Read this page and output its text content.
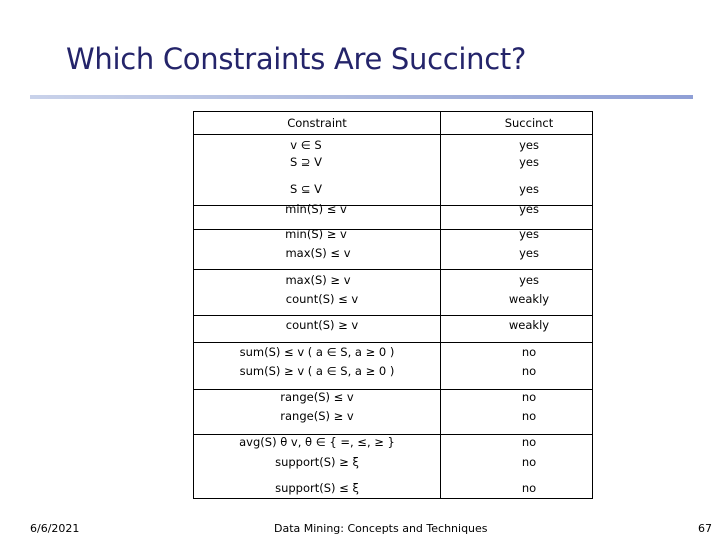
Which Constraints Are Succinct?
Constraint	Succinct
v ∈ S	yes
S ⊇ V	yes
S ⊆ V	yes
min(S) ≤ v	yes
min(S) ≥ v	yes
max(S) ≤ v	yes
max(S) ≥ v	yes
count(S) ≤ v	weakly
count(S) ≥ v	weakly
sum(S) ≤ v ( a ∈ S, a ≥ 0 )	no
sum(S) ≥ v ( a ∈ S, a ≥ 0 )	no
range(S) ≤ v	no
range(S) ≥ v	no
avg(S) θ v, θ ∈ { =, ≤, ≥ }	no
support(S) ≥ ξ	no
support(S) ≤ ξ	no
6/6/2021	Data Mining: Concepts and Techniques	67
